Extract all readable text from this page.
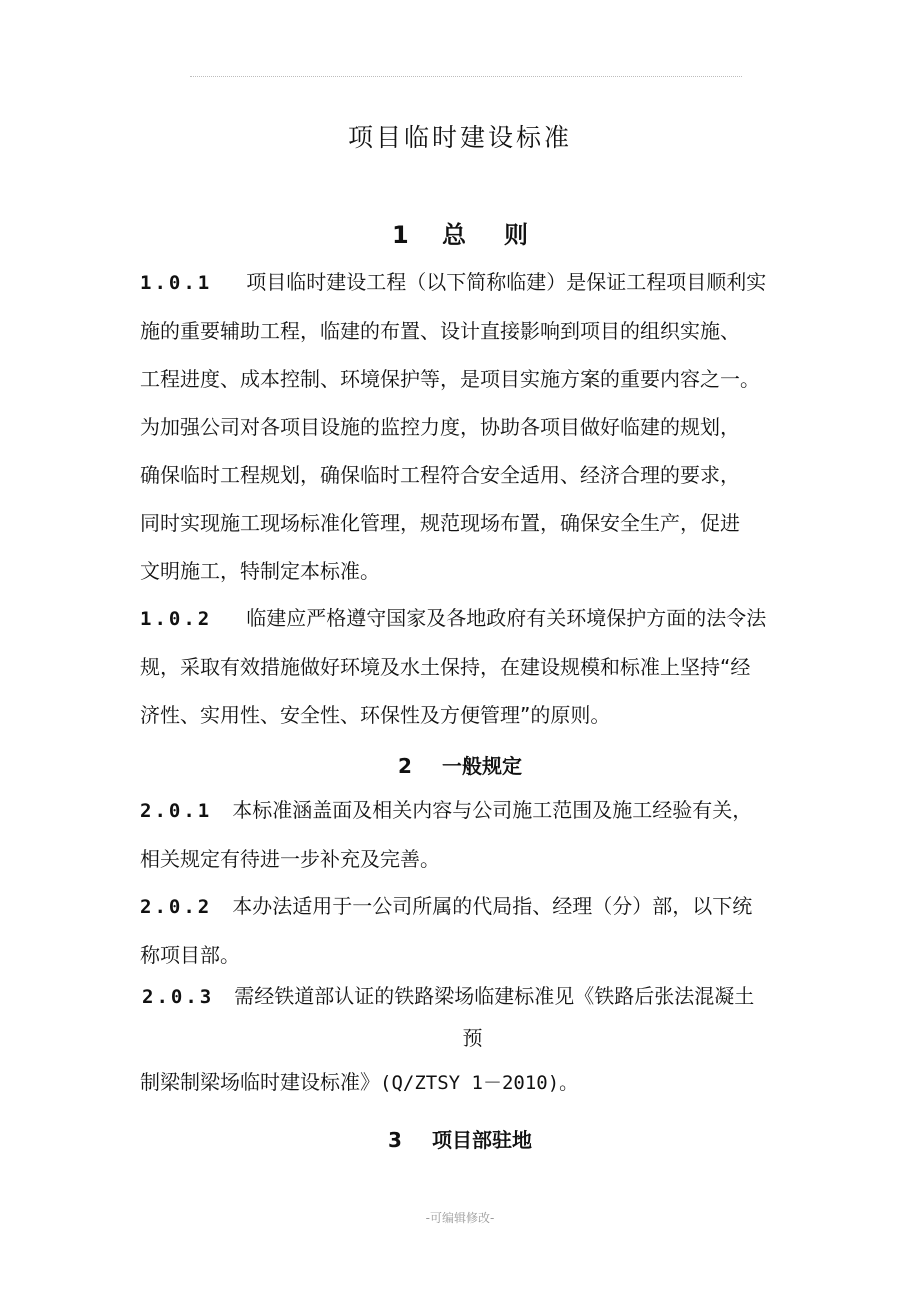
项目临时建设标准
1 总 则
1.0.1 项目临时建设工程（以下简称临建）是保证工程项目顺利实
施的重要辅助工程，临建的布置、设计直接影响到项目的组织实施、
工程进度、成本控制、环境保护等，是项目实施方案的重要内容之一。
为加强公司对各项目设施的监控力度，协助各项目做好临建的规划，
确保临时工程规划，确保临时工程符合安全适用、经济合理的要求，
同时实现施工现场标准化管理，规范现场布置，确保安全生产，促进
文明施工，特制定本标准。
1.0.2 临建应严格遵守国家及各地政府有关环境保护方面的法令法
规，采取有效措施做好环境及水土保持，在建设规模和标准上坚持“经
济性、实用性、安全性、环保性及方便管理”的原则。
2 一般规定
2.0.1 本标准涵盖面及相关内容与公司施工范围及施工经验有关，
相关规定有待进一步补充及完善。
2.0.2 本办法适用于一公司所属的代局指、经理（分）部，以下统
称项目部。
2.0.3 需经铁道部认证的铁路梁场临建标准见《铁路后张法混凝土
预
制梁制梁场临时建设标准》(Q/ZTSY 1－2010)。
3 项目部驻地
-可编辑修改-
